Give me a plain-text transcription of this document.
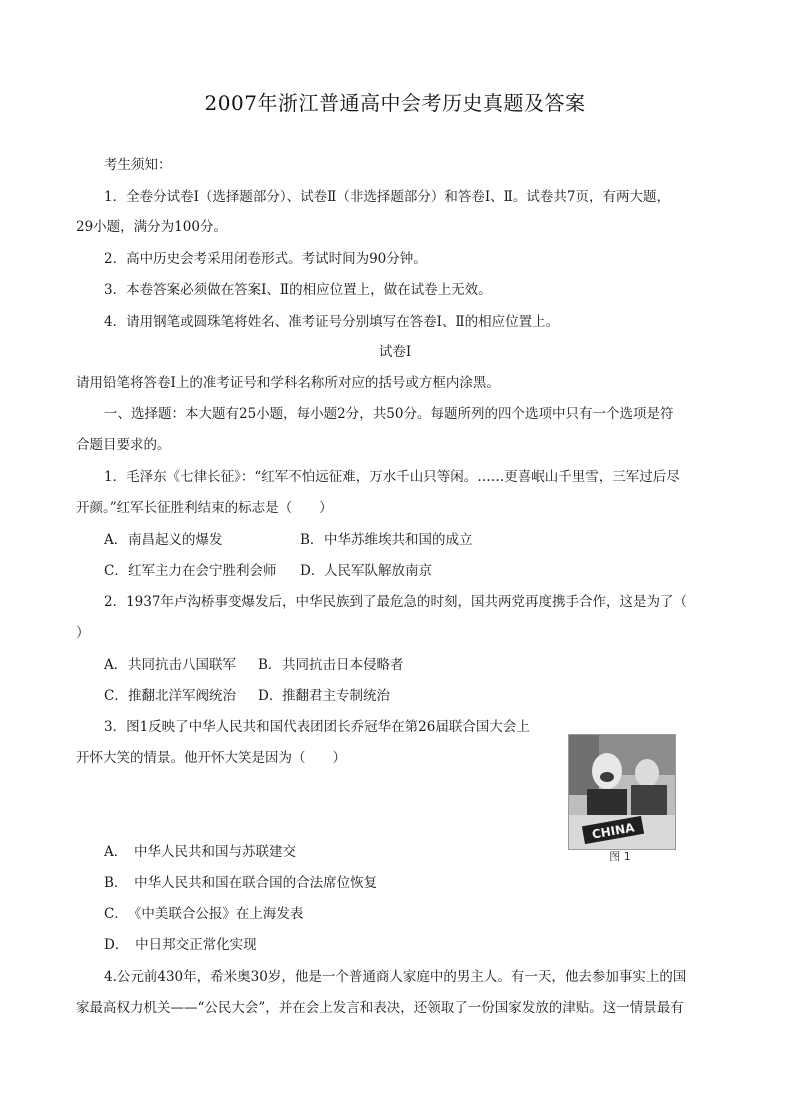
2007年浙江普通高中会考历史真题及答案
考生须知：
1．全卷分试卷Ⅰ（选择题部分）、试卷Ⅱ（非选择题部分）和答卷Ⅰ、Ⅱ。试卷共7页，有两大题，
29小题，满分为100分。
2．高中历史会考采用闭卷形式。考试时间为90分钟。
3．本卷答案必须做在答案Ⅰ、Ⅱ的相应位置上，做在试卷上无效。
4．请用钢笔或圆珠笔将姓名、准考证号分别填写在答卷Ⅰ、Ⅱ的相应位置上。
试卷Ⅰ
请用铅笔将答卷Ⅰ上的准考证号和学科名称所对应的括号或方框内涂黑。
一、选择题：本大题有25小题，每小题2分，共50分。每题所列的四个选项中只有一个选项是符
合题目要求的。
1．毛泽东《七律长征》：“红军不怕远征难，万水千山只等闲。……更喜岷山千里雪，三军过后尽
开颜。”红军长征胜利结束的标志是（　　）
A．南昌起义的爆发	B．中华苏维埃共和国的成立
C．红军主力在会宁胜利会师 D．人民军队解放南京
2．1937年卢沟桥事变爆发后，中华民族到了最危急的时刻，国共两党再度携手合作，这是为了（
）
A．共同抗击八国联军 B．共同抗击日本侵略者
C．推翻北洋军阀统治 D．推翻君主专制统治
3．图1反映了中华人民共和国代表团团长乔冠华在第26届联合国大会上
开怀大笑的情景。他开怀大笑是因为（　　）
CHINA
图 1
A．　中华人民共和国与苏联建交
B．　中华人民共和国在联合国的合法席位恢复
C．　《中美联合公报》在上海发表
D．　中日邦交正常化实现
4.公元前430年，希米奥30岁，他是一个普通商人家庭中的男主人。有一天，他去参加事实上的国
家最高权力机关——“公民大会”，并在会上发言和表决，还领取了一份国家发放的津贴。这一情景最有
